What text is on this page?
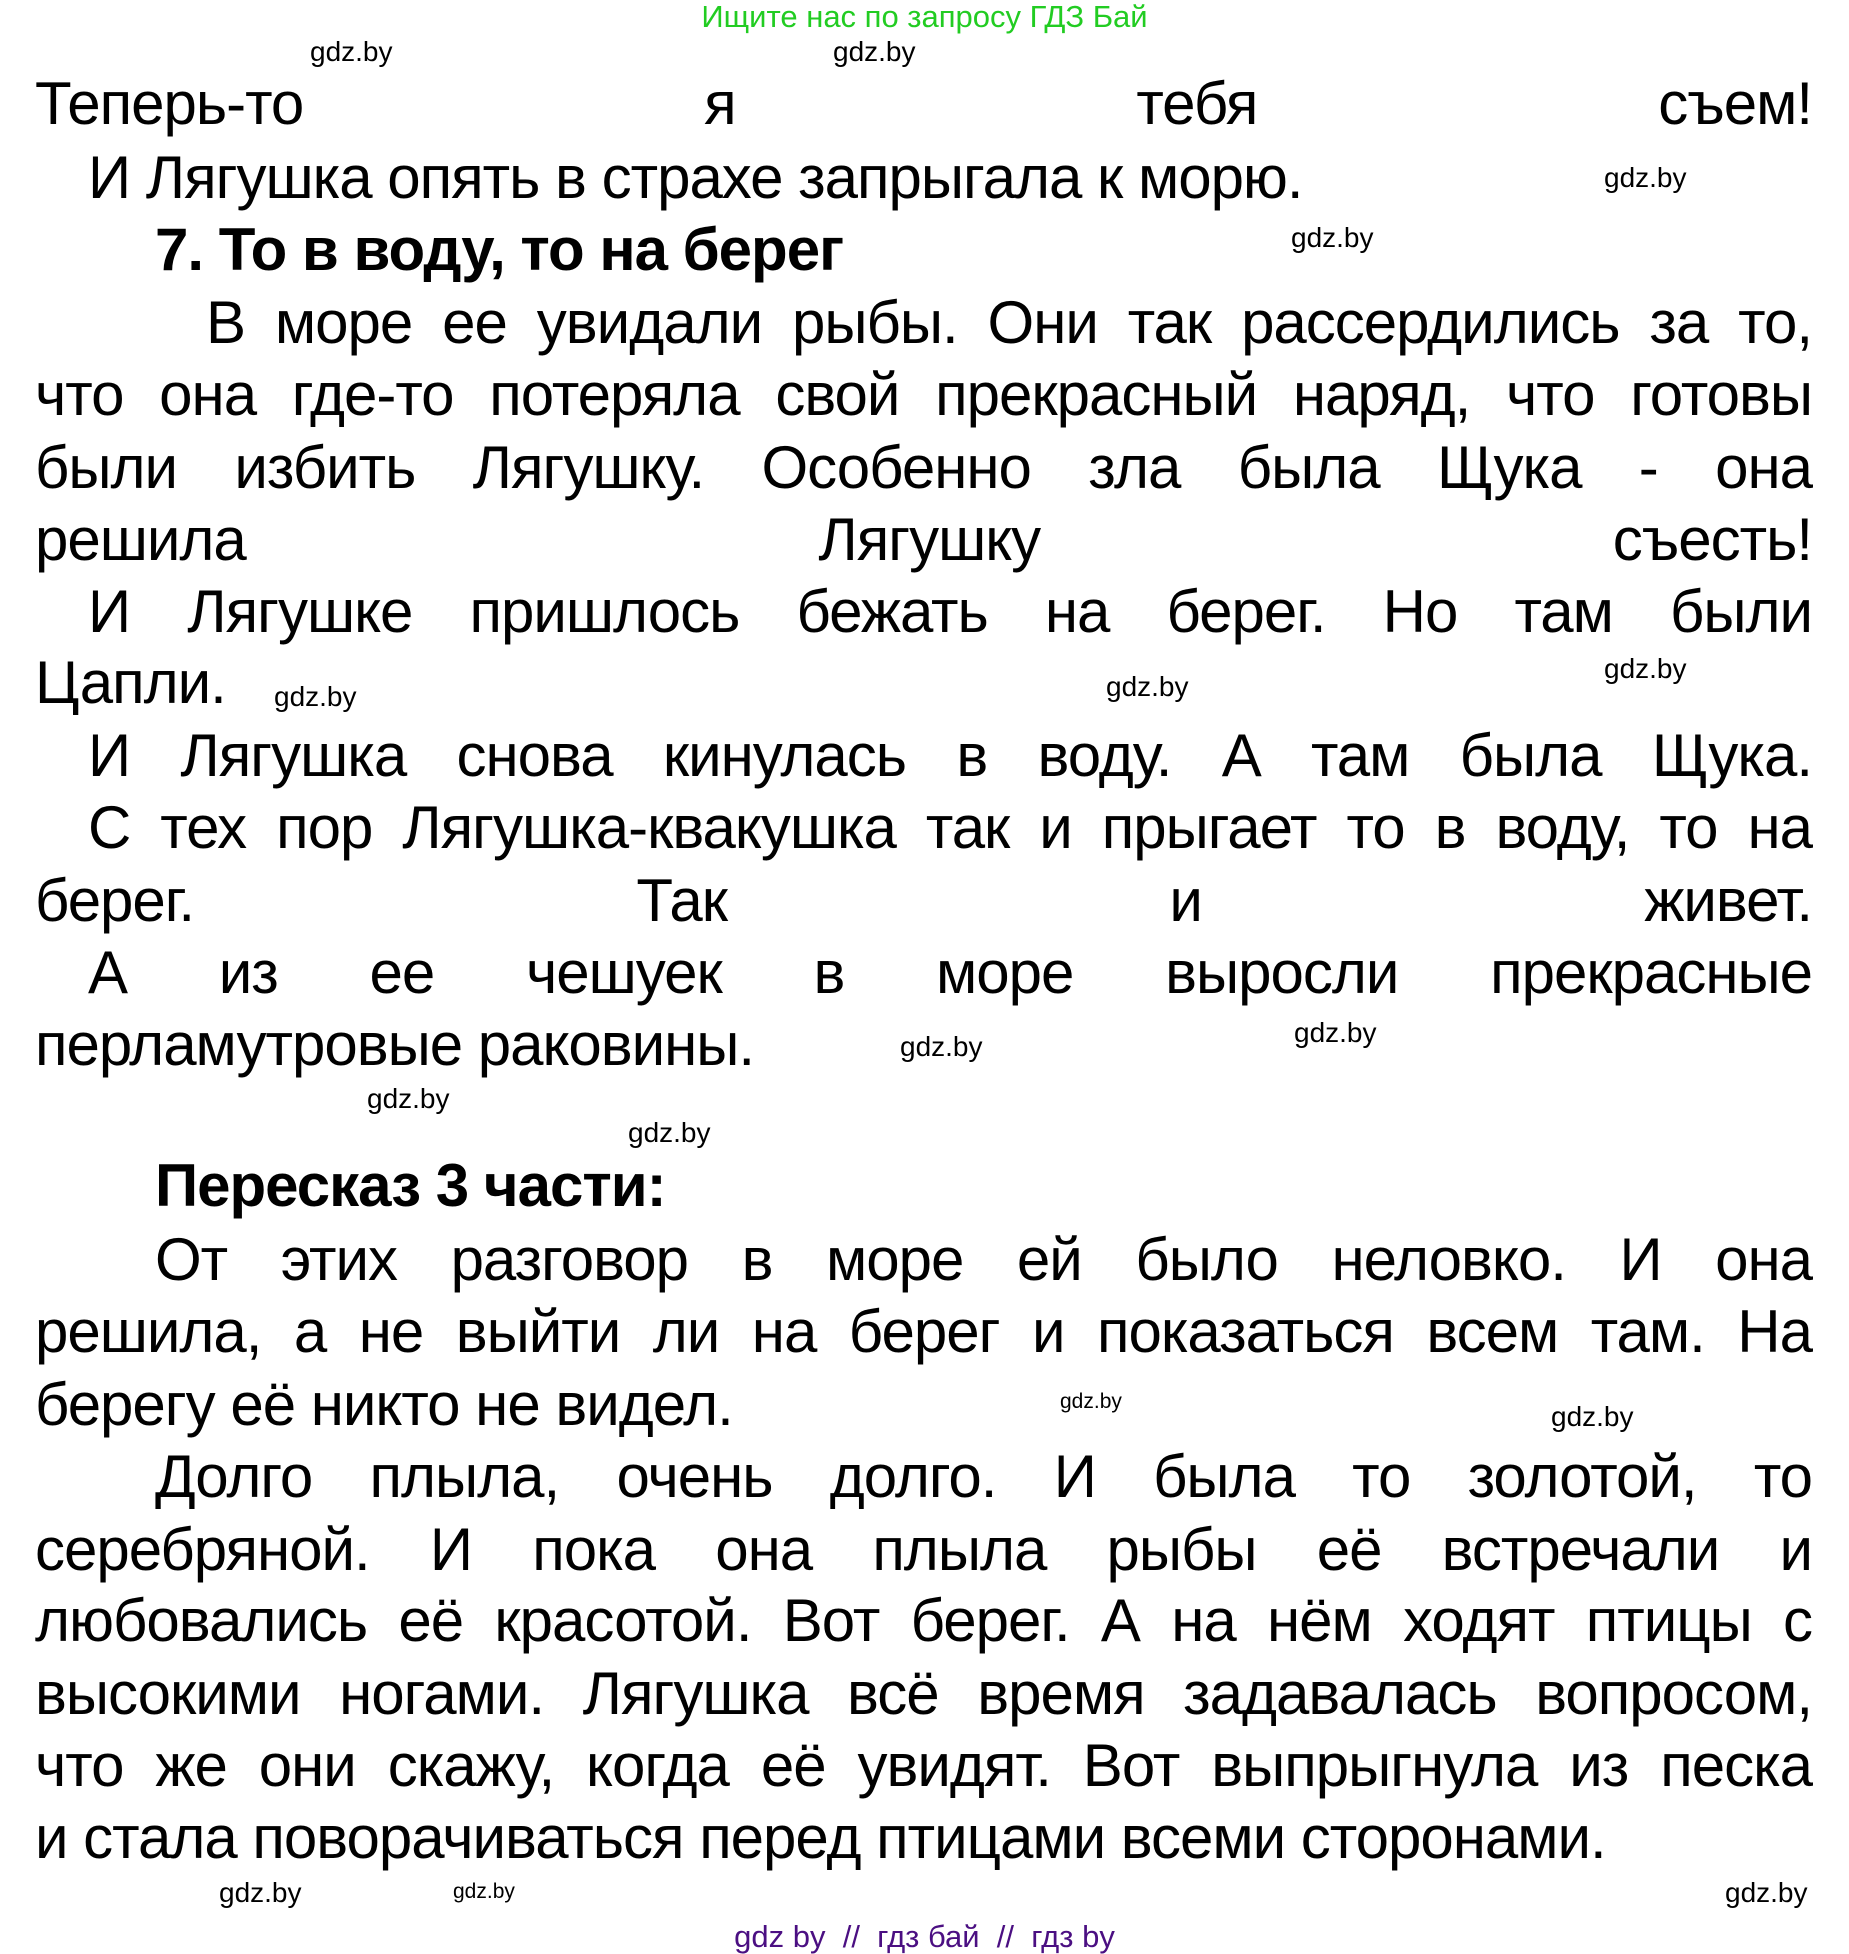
Ищите нас по запросу ГДЗ Бай
Теперь-то я тебя съем!
И Лягушка опять в страхе запрыгала к морю.
7. То в воду, то на берег
В море ее увидали рыбы. Они так рассердились за то,
что она где-то потеряла свой прекрасный наряд, что готовы
были избить Лягушку. Особенно зла была Щука - она
решила Лягушку съесть!
И Лягушке пришлось бежать на берег. Но там были
Цапли.
И Лягушка снова кинулась в воду. А там была Щука.
С тех пор Лягушка-квакушка так и прыгает то в воду, то на
берег. Так и живет.
А из ее чешуек в море выросли прекрасные
перламутровые раковины.
Пересказ 3 части:
От этих разговор в море ей было неловко. И она
решила, а не выйти ли на берег и показаться всем там. На
берегу её никто не видел.
Долго плыла, очень долго. И была то золотой, то
серебряной. И пока она плыла рыбы её встречали и
любовались её красотой. Вот берег. А на нём ходят птицы с
высокими ногами. Лягушка всё время задавалась вопросом,
что же они скажу, когда её увидят. Вот выпрыгнула из песка
и стала поворачиваться перед птицами всеми сторонами.
gdz.by	gdz.by
gdz.by
gdz.by
gdz.by
gdz.by
gdz.by
gdz.by	gdz.by
gdz.by
gdz.by
gdz.by
gdz.by
gdz.by	gdz.by
gdz.by
gdz by  //  гдз бай  //  гдз by
